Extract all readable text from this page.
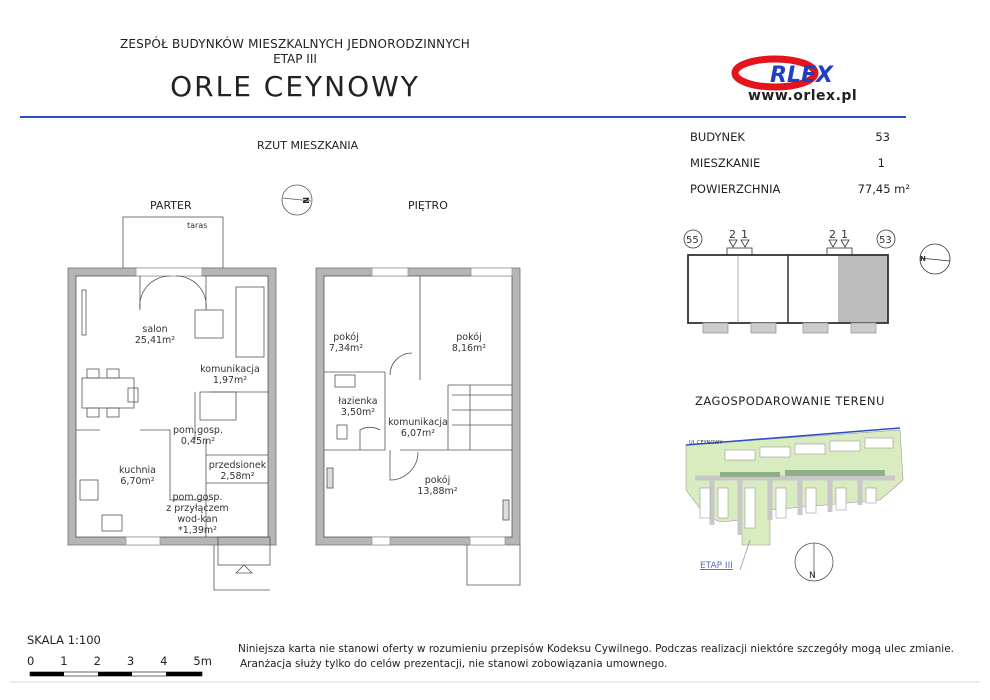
ZESPÓŁ BUDYNKÓW MIESZKALNYCH JEDNORODZINNYCH
ETAP III
ORLE CEYNOWY	RLEX
www.orlex.pl
RZUT MIESZKANIA
PARTER	PIĘTRO
N
taras
salon
25,41m²
komunikacja
1,97m²
pom.gosp.
0,45m²
kuchnia
6,70m²
przedsionek
2,58m²
pom.gosp.
z przyłączem
wod-kan
*1,39m²
pokój
7,34m²
pokój
8,16m²
łazienka
3,50m²
komunikacja
6,07m²
pokój
13,88m²
BUDYNEK	53
MIESZKANIE	1
POWIERZCHNIA	77,45 m²
55	53
2 1	2 1
N
ZAGOSPODAROWANIE TERENU
N
UL.CEYNOWY
ETAP III
SKALA 1:100
0 1 2 3 4 5m
Niniejsza karta nie stanowi oferty w rozumieniu przepisów Kodeksu Cywilnego. Podczas realizacji niektóre szczegóły mogą ulec zmianie.
Aranżacja służy tylko do celów prezentacji, nie stanowi zobowiązania umownego.
